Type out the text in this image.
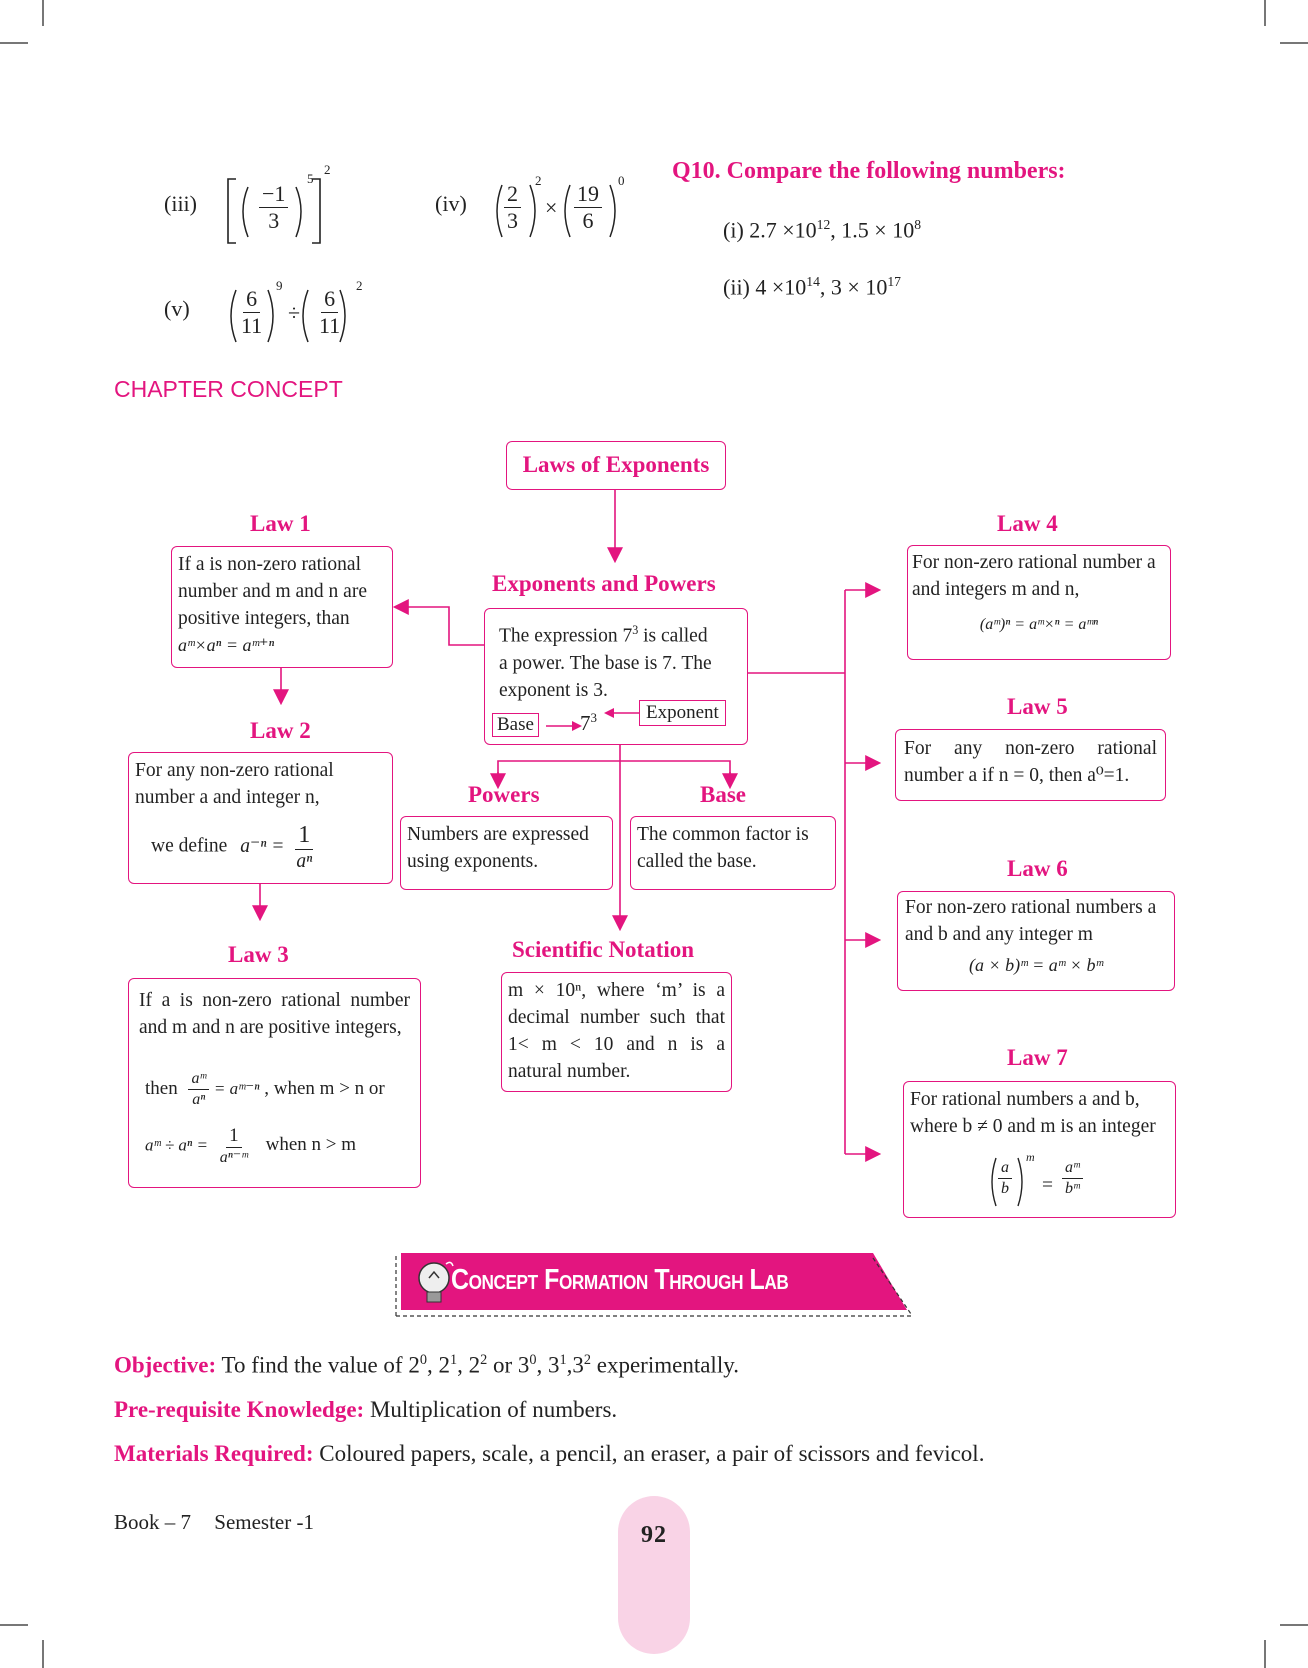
(iii)	$\frac{-1}{3}$
5
2
$(iv) \frac{2}{3}$
2
× $\frac{19}{6}$
0
$(v) \frac{6}{11}$
9
÷ $\frac{6}{11}$
2
Q10. Compare the following numbers:
(i) $2.7 \times 10^{12}$, $1.5 \times 10^8$
(ii) $4 \times 10^{14}$, $3 \times 10^{17}$
CHAPTER CONCEPT
Laws of Exponents
Exponents and Powers
The expression $7^3$ is called
a power. The base is 7. The
exponent is 3.
Base $7^3$	Exponent
Powers
Numbers are expressed using exponents.
Base
The common factor is called the base.
Scientific Notation
m × 10ⁿ, where ‘m’ is a decimal number such that 1< m < 10 and n is a natural number.
Law 1
If a is non-zero rational number and m and n are positive integers, than
aᵐ×aⁿ = aᵐ⁺ⁿ
Law 2
For any non-zero rational number a and integer n,
we define $a^{-n} = \frac{1}{\text{aⁿ}}$
Law 3
If a is non-zero rational number and m and n are positive integers,
then $\frac{\text{aᵐ}}{\text{aⁿ}}$ = aᵐ⁻ⁿ , when m > n or
aᵐ ÷ $a^n = \frac{1}{\text{aⁿ⁻ᵐ}}$ when n > m
Law 4
For non-zero rational number a and integers m and n,
(aᵐ)ⁿ = aᵐ×ⁿ = aᵐⁿ
Law 5
For any non-zero rational number a if n = 0, then a⁰=1.
Law 6
For non-zero rational numbers a and b and any integer m
(a × b)ᵐ = aᵐ × bᵐ
Law 7
For rational numbers a and b, where b ≠ 0 and m is an integer
$\frac{a}{b}$
m
= $\frac{\text{aᵐ}}{\text{bᵐ}}$
Concept Formation Through Lab
Objective: To find the value of $2^0$, $2^1$, $2^2$ or $3^0$, $3^1,3^2$ experimentally.
Pre-requisite Knowledge: Multiplication of numbers.
Materials Required: Coloured papers, scale, a pencil, an eraser, a pair of scissors and fevicol.
Book – 7 Semester -1	92
